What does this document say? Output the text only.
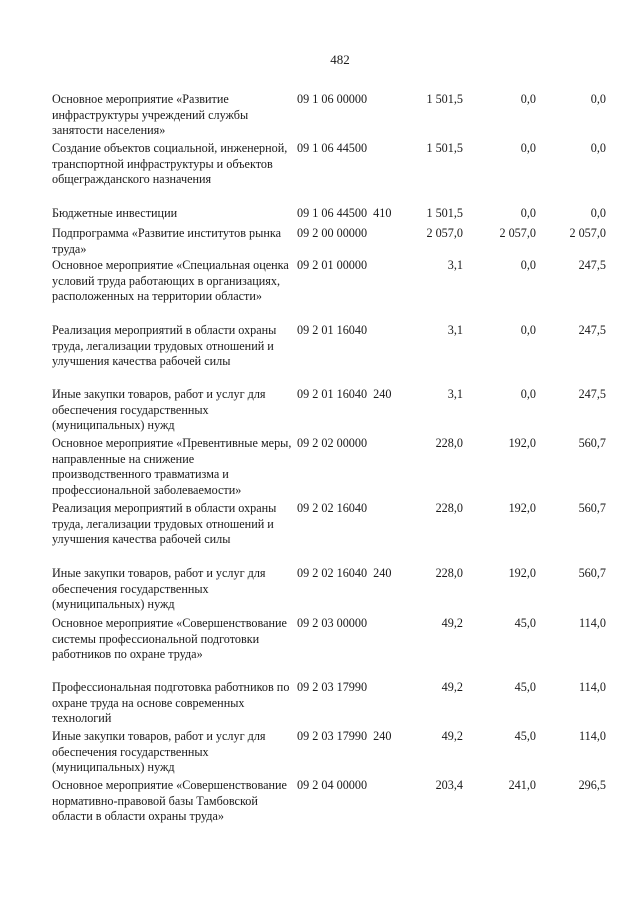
482
Основное мероприятие «Развитие инфраструктуры учреждений службы занятости населения»
09 1 06 00000	1 501,5	0,0	0,0
Создание объектов социальной, инженерной, транспортной инфраструктуры и объектов общегражданского назначения
09 1 06 44500	1 501,5	0,0	0,0
Бюджетные инвестиции	09 1 06 44500  410	1 501,5	0,0	0,0
Подпрограмма «Развитие институтов рынка труда»
09 2 00 00000	2 057,0	2 057,0	2 057,0
Основное мероприятие «Специальная оценка условий труда работающих в организациях, расположенных на территории области»
09 2 01 00000	3,1	0,0	247,5
Реализация мероприятий в области охраны труда, легализации трудовых отношений и улучшения качества рабочей силы
09 2 01 16040	3,1	0,0	247,5
Иные закупки товаров, работ и услуг для обеспечения государственных (муниципальных) нужд
09 2 01 16040  240	3,1	0,0	247,5
Основное мероприятие «Превентивные меры, направленные на снижение производственного травматизма и профессиональной заболеваемости»
09 2 02 00000	228,0	192,0	560,7
Реализация мероприятий в области охраны труда, легализации трудовых отношений и улучшения качества рабочей силы
09 2 02 16040	228,0	192,0	560,7
Иные закупки товаров, работ и услуг для обеспечения государственных (муниципальных) нужд
09 2 02 16040  240	228,0	192,0	560,7
Основное мероприятие «Совершенствование системы профессиональной подготовки работников по охране труда»
09 2 03 00000	49,2	45,0	114,0
Профессиональная подготовка работников по охране труда на основе современных технологий
09 2 03 17990	49,2	45,0	114,0
Иные закупки товаров, работ и услуг для обеспечения государственных (муниципальных) нужд
09 2 03 17990  240	49,2	45,0	114,0
Основное мероприятие «Совершенствование нормативно-правовой базы Тамбовской области в области охраны труда»
09 2 04 00000	203,4	241,0	296,5
